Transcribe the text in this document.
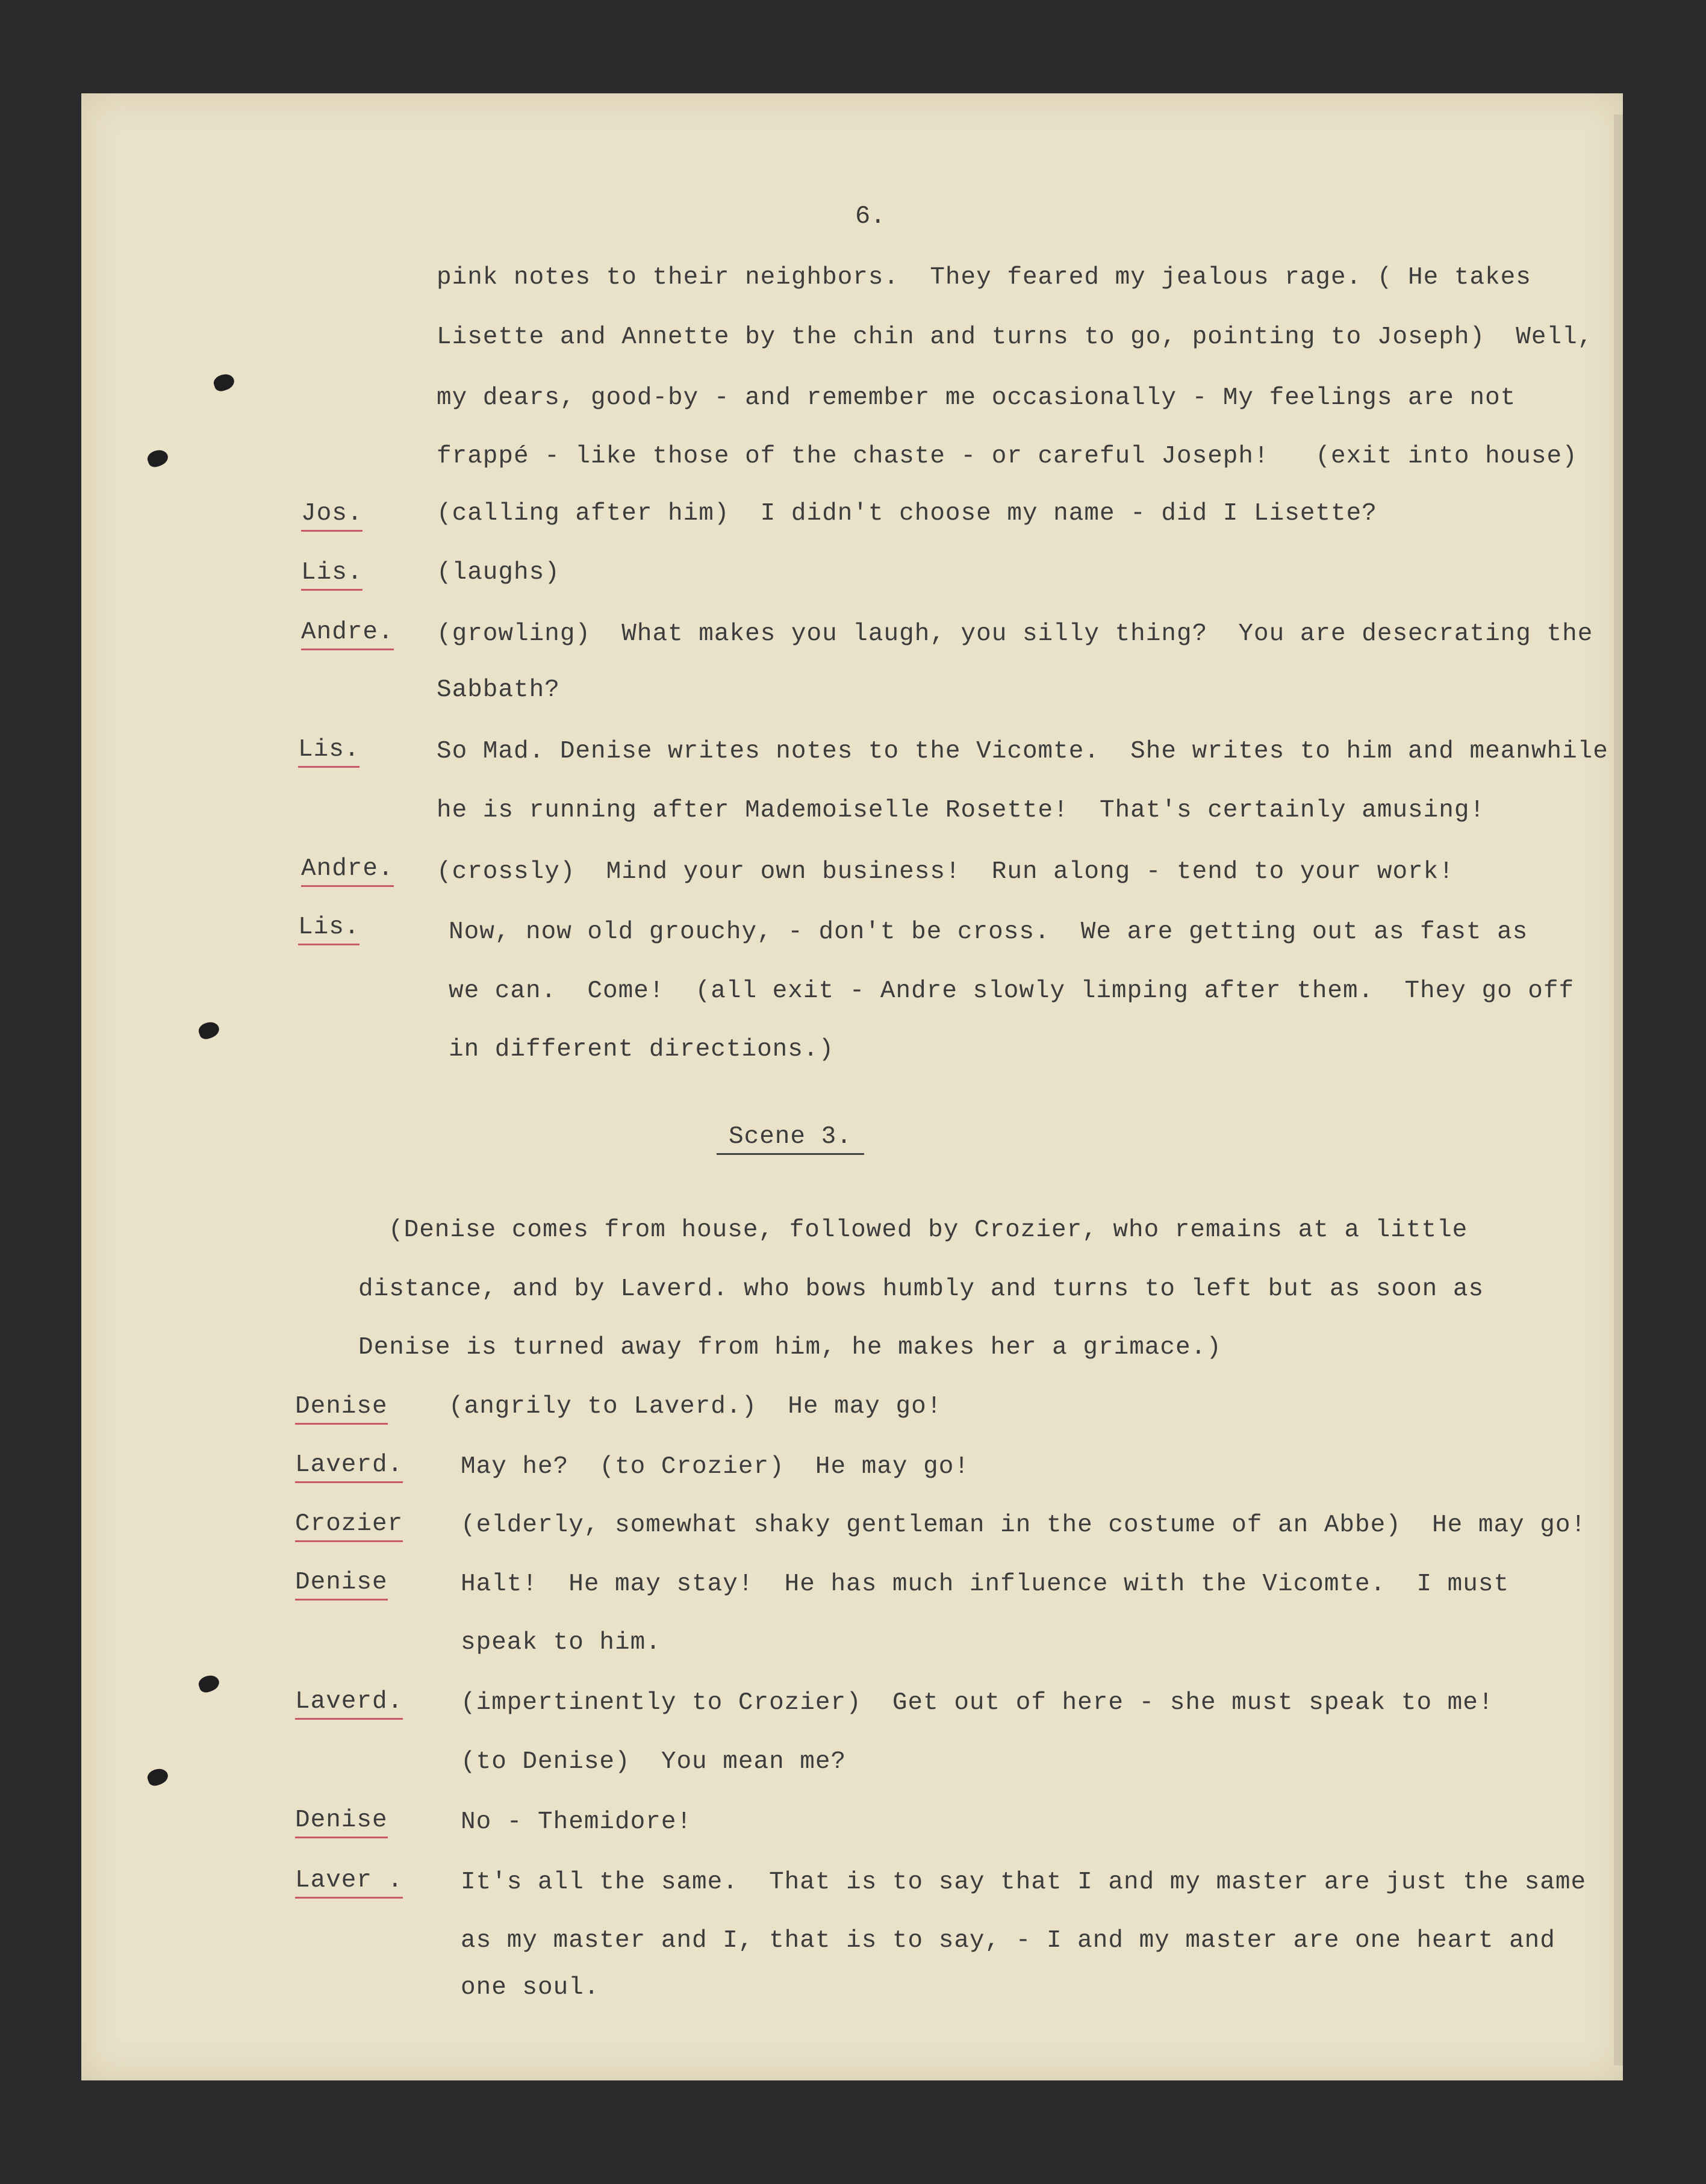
6.
pink notes to their neighbors.  They feared my jealous rage. ( He takes
Lisette and Annette by the chin and turns to go, pointing to Joseph)  Well,
my dears, good-by - and remember me occasionally - My feelings are not
frappé - like those of the chaste - or careful Joseph!   (exit into house)
Jos.	(calling after him)  I didn't choose my name - did I Lisette?
Lis.	(laughs)
Andre. (growling)  What makes you laugh, you silly thing?  You are desecrating the
Sabbath?
Lis.	So Mad. Denise writes notes to the Vicomte.  She writes to him and meanwhile
he is running after Mademoiselle Rosette!  That's certainly amusing!
Andre. (crossly)  Mind your own business!  Run along - tend to your work!
Lis.	Now, now old grouchy, - don't be cross.  We are getting out as fast as
we can.  Come!  (all exit - Andre slowly limping after them.  They go off
in different directions.)
Scene 3.
(Denise comes from house, followed by Crozier, who remains at a little
distance, and by Laverd. who bows humbly and turns to left but as soon as
Denise is turned away from him, he makes her a grimace.)
Denise (angrily to Laverd.)  He may go!
Laverd. May he?  (to Crozier)  He may go!
Crozier (elderly, somewhat shaky gentleman in the costume of an Abbe)  He may go!
Denise	Halt!  He may stay!  He has much influence with the Vicomte.  I must
speak to him.
Laverd. (impertinently to Crozier)  Get out of here - she must speak to me!
(to Denise)  You mean me?
Denise	No - Themidore!
Laver . It's all the same.  That is to say that I and my master are just the same
as my master and I, that is to say, - I and my master are one heart and
one soul.
